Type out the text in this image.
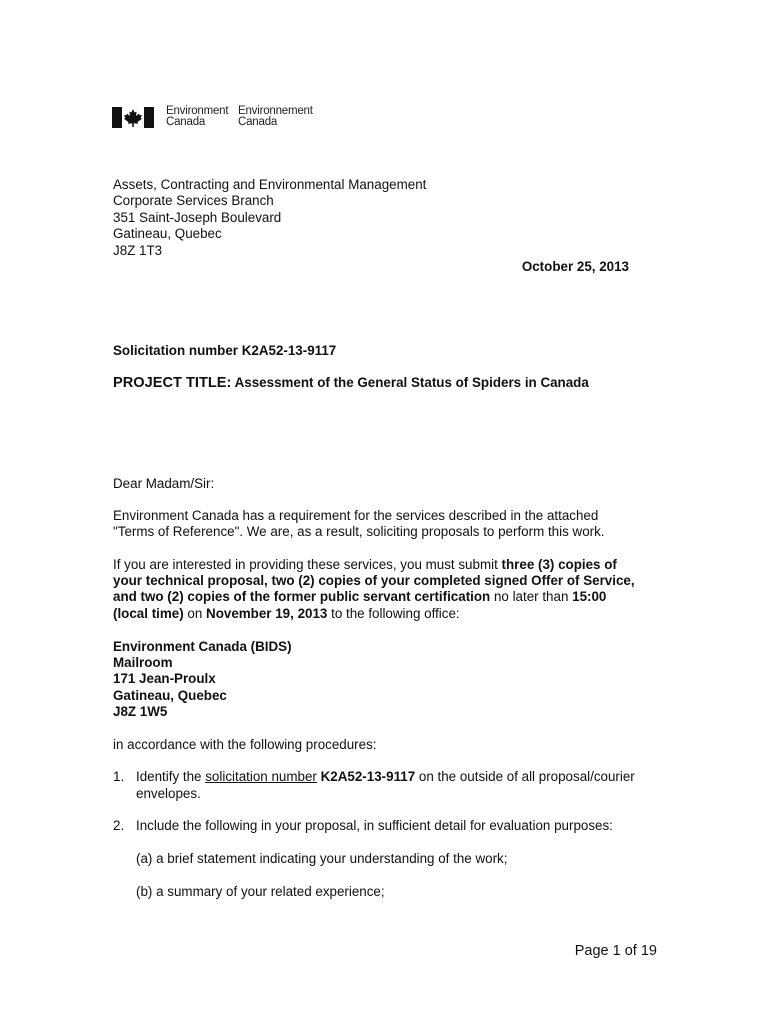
Environment
Canada
Environnement
Canada
Assets, Contracting and Environmental Management
Corporate Services Branch
351 Saint-Joseph Boulevard
Gatineau, Quebec
J8Z 1T3
October 25, 2013
Solicitation number K2A52-13-9117
PROJECT TITLE: Assessment of the General Status of Spiders in Canada
Dear Madam/Sir:
Environment Canada has a requirement for the services described in the attached
"Terms of Reference". We are, as a result, soliciting proposals to perform this work.
If you are interested in providing these services, you must submit three (3) copies of
your technical proposal, two (2) copies of your completed signed Offer of Service,
and two (2) copies of the former public servant certification no later than 15:00
(local time) on November 19, 2013 to the following office:
Environment Canada (BIDS)
Mailroom
171 Jean-Proulx
Gatineau, Quebec
J8Z 1W5
in accordance with the following procedures:
1. Identify the solicitation number K2A52-13-9117 on the outside of all proposal/courier
envelopes.
2. Include the following in your proposal, in sufficient detail for evaluation purposes:
(a) a brief statement indicating your understanding of the work;
(b) a summary of your related experience;
Page 1 of 19
